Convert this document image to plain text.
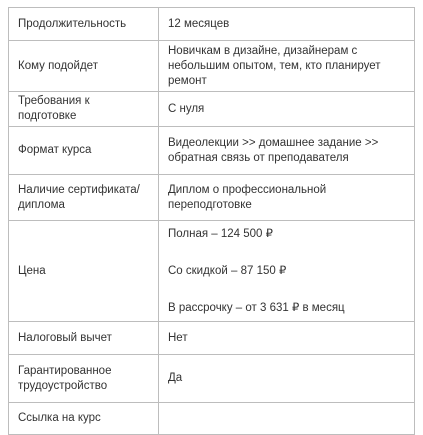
Продолжительность	12 месяцев
Кому подойдет	Новичкам в дизайне, дизайнерам с небольшим опытом, тем, кто планирует ремонт
Требования к подготовке	С нуля
Формат курса	Видеолекции >> домашнее задание >> обратная связь от преподавателя
Наличие сертификата/ диплома	Диплом о профессиональной переподготовке
Цена	Полная – 124 500 ₽
Со скидкой – 87 150 ₽
В рассрочку – от 3 631 ₽ в месяц

Налоговый вычет	Нет
Гарантированное трудоустройство	Да
Ссылка на курс	
